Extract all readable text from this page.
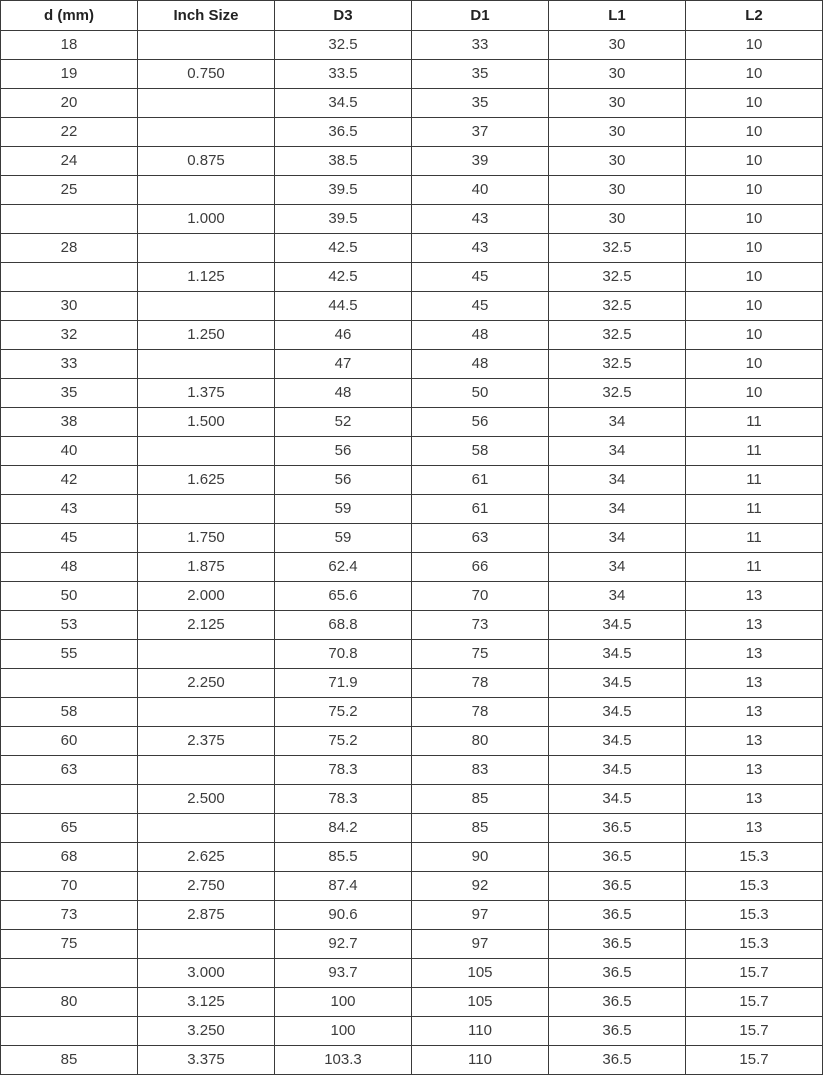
d (mm)	Inch Size	D3	D1	L1	L2
18		32.5	33	30	10
19	0.750	33.5	35	30	10
20		34.5	35	30	10
22		36.5	37	30	10
24	0.875	38.5	39	30	10
25		39.5	40	30	10
	1.000	39.5	43	30	10
28		42.5	43	32.5	10
	1.125	42.5	45	32.5	10
30		44.5	45	32.5	10
32	1.250	46	48	32.5	10
33		47	48	32.5	10
35	1.375	48	50	32.5	10
38	1.500	52	56	34	11
40		56	58	34	11
42	1.625	56	61	34	11
43		59	61	34	11
45	1.750	59	63	34	11
48	1.875	62.4	66	34	11
50	2.000	65.6	70	34	13
53	2.125	68.8	73	34.5	13
55		70.8	75	34.5	13
	2.250	71.9	78	34.5	13
58		75.2	78	34.5	13
60	2.375	75.2	80	34.5	13
63		78.3	83	34.5	13
	2.500	78.3	85	34.5	13
65		84.2	85	36.5	13
68	2.625	85.5	90	36.5	15.3
70	2.750	87.4	92	36.5	15.3
73	2.875	90.6	97	36.5	15.3
75		92.7	97	36.5	15.3
	3.000	93.7	105	36.5	15.7
80	3.125	100	105	36.5	15.7
	3.250	100	110	36.5	15.7
85	3.375	103.3	110	36.5	15.7
